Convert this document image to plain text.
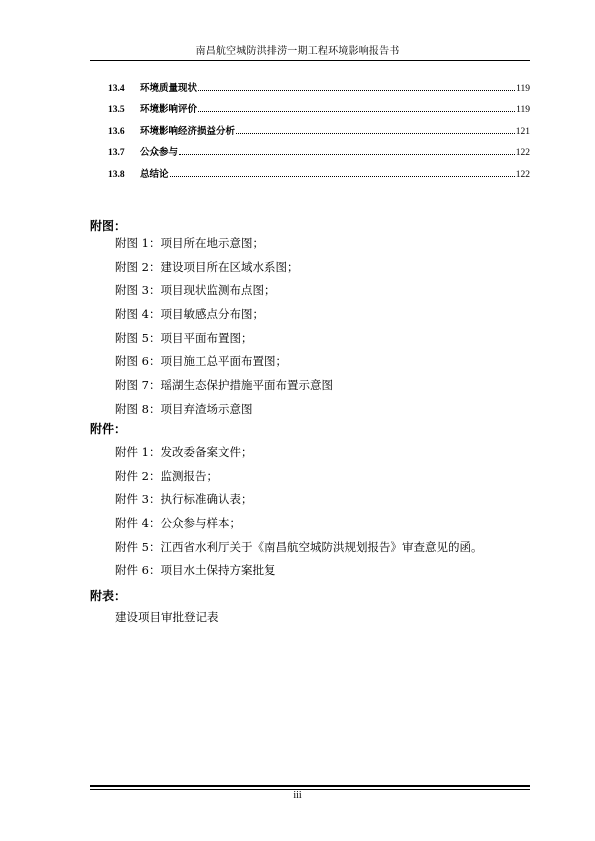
南昌航空城防洪排涝一期工程环境影响报告书
13.4	环境质量现状	119
13.5	环境影响评价	119
13.6	环境影响经济损益分析	121
13.7	公众参与	122
13.8	总结论	122
附图：
附图 1：项目所在地示意图；
附图 2：建设项目所在区域水系图；
附图 3：项目现状监测布点图；
附图 4：项目敏感点分布图；
附图 5：项目平面布置图；
附图 6：项目施工总平面布置图；
附图 7：瑶湖生态保护措施平面布置示意图
附图 8：项目弃渣场示意图
附件：
附件 1：发改委备案文件；
附件 2：监测报告；
附件 3：执行标准确认表；
附件 4：公众参与样本；
附件 5：江西省水利厅关于《南昌航空城防洪规划报告》审查意见的函。
附件 6：项目水土保持方案批复
附表：
建设项目审批登记表
iii
